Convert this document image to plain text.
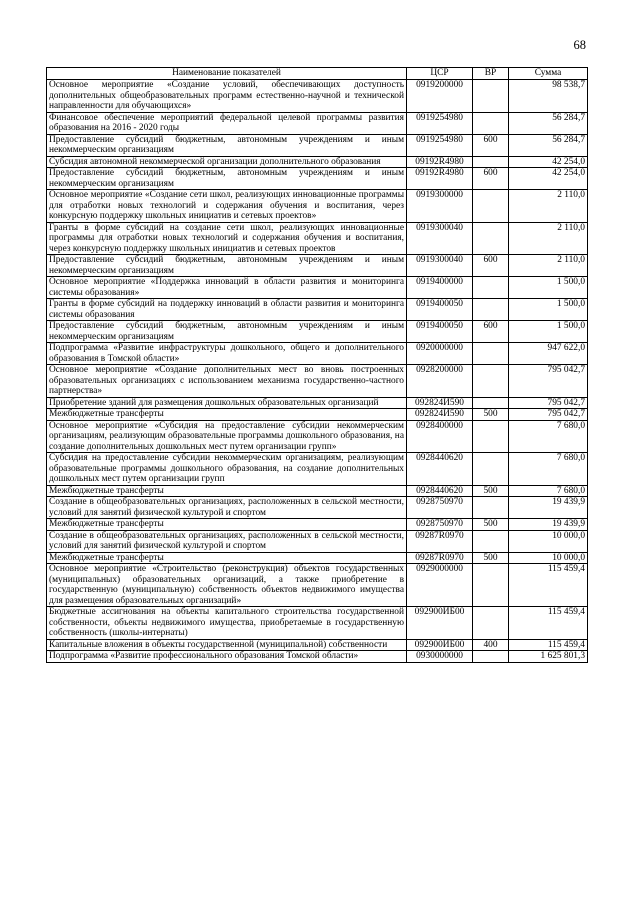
68
Наименование показателей	ЦСР	ВР	Сумма
Основное мероприятие «Создание условий, обеспечивающих доступность дополнительных общеобразовательных программ естественно-научной и технической направленности для обучающихся»	0919200000		98 538,7
Финансовое обеспечение мероприятий федеральной целевой программы развития образования на 2016 - 2020 годы	0919254980		56 284,7
Предоставление субсидий бюджетным, автономным учреждениям и иным некоммерческим организациям	0919254980	600	56 284,7
Субсидия автономной некоммерческой организации дополнительного образования	09192R4980		42 254,0
Предоставление субсидий бюджетным, автономным учреждениям и иным некоммерческим организациям	09192R4980	600	42 254,0
Основное мероприятие «Создание сети школ, реализующих инновационные программы для отработки новых технологий и содержания обучения и воспитания, через конкурсную поддержку школьных инициатив и сетевых проектов»	0919300000		2 110,0
Гранты в форме субсидий на создание сети школ, реализующих инновационные программы для отработки новых технологий и содержания обучения и воспитания, через конкурсную поддержку школьных инициатив и сетевых проектов	0919300040		2 110,0
Предоставление субсидий бюджетным, автономным учреждениям и иным некоммерческим организациям	0919300040	600	2 110,0
Основное мероприятие «Поддержка инноваций в области развития и мониторинга системы образования»	0919400000		1 500,0
Гранты в форме субсидий на поддержку инноваций в области развития и мониторинга системы образования	0919400050		1 500,0
Предоставление субсидий бюджетным, автономным учреждениям и иным некоммерческим организациям	0919400050	600	1 500,0
Подпрограмма «Развитие инфраструктуры дошкольного, общего и дополнительного образования в Томской области»	0920000000		947 622,0
Основное мероприятие «Создание дополнительных мест во вновь построенных образовательных организациях с использованием механизма государственно-частного партнерства»	0928200000		795 042,7
Приобретение зданий для размещения дошкольных образовательных организаций	092824И590		795 042,7
Межбюджетные трансферты	092824И590	500	795 042,7
Основное мероприятие «Субсидия на предоставление субсидии некоммерческим организациям, реализующим образовательные программы дошкольного образования, на создание дополнительных дошкольных мест путем организации групп»	0928400000		7 680,0
Субсидия на предоставление субсидии некоммерческим организациям, реализующим образовательные программы дошкольного образования, на создание дополнительных дошкольных мест путем организации групп	0928440620		7 680,0
Межбюджетные трансферты	0928440620	500	7 680,0
Создание в общеобразовательных организациях, расположенных в сельской местности, условий для занятий физической культурой и спортом	0928750970		19 439,9
Межбюджетные трансферты	0928750970	500	19 439,9
Создание в общеобразовательных организациях, расположенных в сельской местности, условий для занятий физической культурой и спортом	09287R0970		10 000,0
Межбюджетные трансферты	09287R0970	500	10 000,0
Основное мероприятие «Строительство (реконструкция) объектов государственных (муниципальных) образовательных организаций, а также приобретение в государственную (муниципальную) собственность объектов недвижимого имущества для размещения образовательных организаций»	0929000000		115 459,4
Бюджетные ассигнования на объекты капитального строительства государственной собственности, объекты недвижимого имущества, приобретаемые в государственную собственность (школы-интернаты)	092900ИБ00		115 459,4
Капитальные вложения в объекты государственной (муниципальной) собственности	092900ИБ00	400	115 459,4
Подпрограмма «Развитие профессионального образования Томской области»	0930000000		1 625 801,3
